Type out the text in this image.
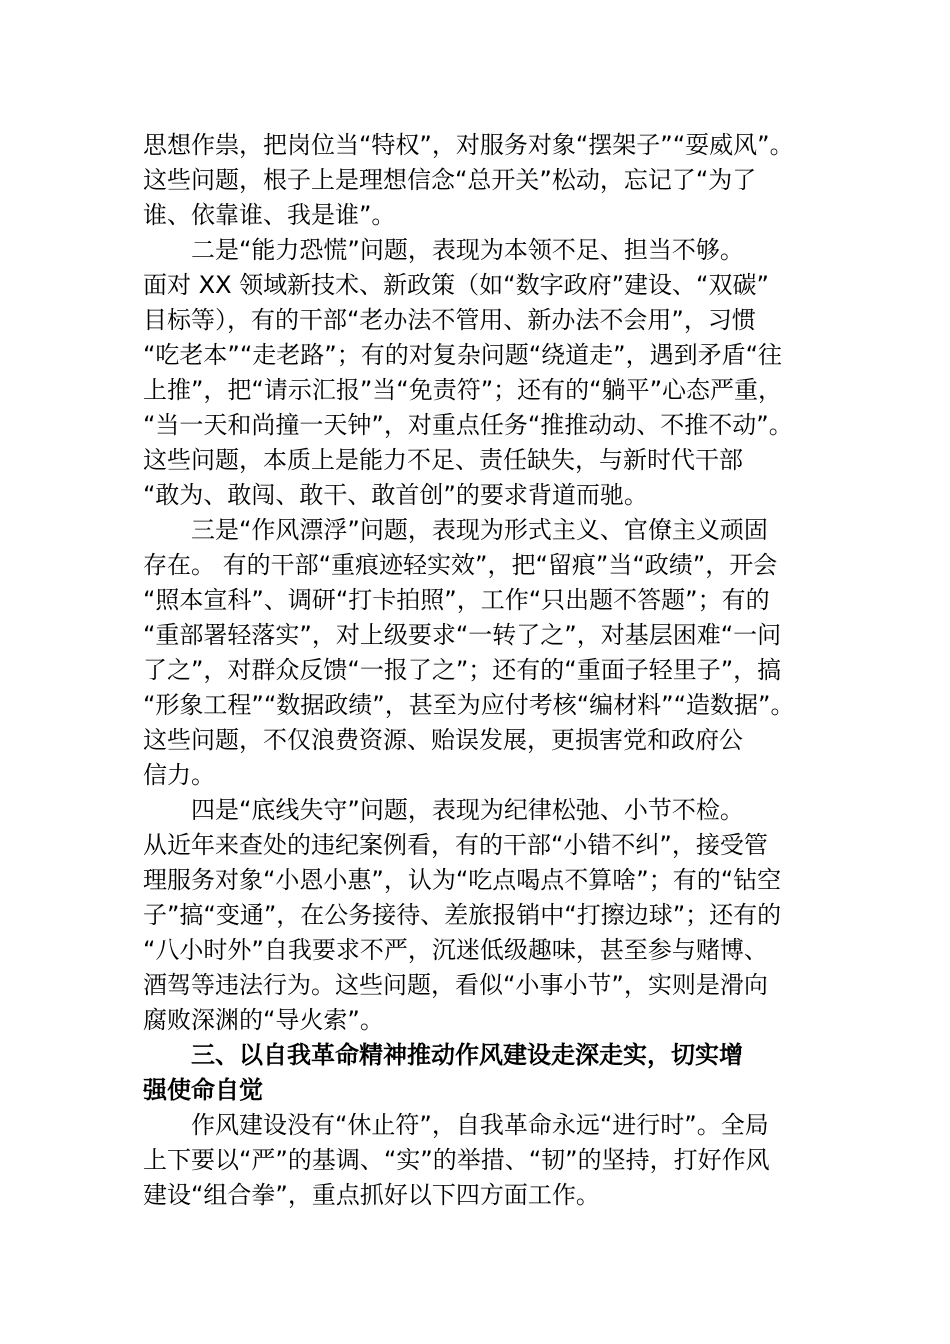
思想作祟，把岗位当“特权”，对服务对象“摆架子”“耍威风”。
这些问题，根子上是理想信念“总开关”松动，忘记了“为了
谁、依靠谁、我是谁”。
二是“能力恐慌”问题，表现为本领不足、担当不够。
面对 XX 领域新技术、新政策（如“数字政府”建设、“双碳”
目标等），有的干部“老办法不管用、新办法不会用”，习惯
“吃老本”“走老路”；有的对复杂问题“绕道走”，遇到矛盾“往
上推”，把“请示汇报”当“免责符”；还有的“躺平”心态严重，
“当一天和尚撞一天钟”，对重点任务“推推动动、不推不动”。
这些问题，本质上是能力不足、责任缺失，与新时代干部
“敢为、敢闯、敢干、敢首创”的要求背道而驰。
三是“作风漂浮”问题，表现为形式主义、官僚主义顽固
存在。 有的干部“重痕迹轻实效”，把“留痕”当“政绩”，开会
“照本宣科”、调研“打卡拍照”，工作“只出题不答题”；有的
“重部署轻落实”，对上级要求“一转了之”，对基层困难“一问
了之”，对群众反馈“一报了之”；还有的“重面子轻里子”，搞
“形象工程”“数据政绩”，甚至为应付考核“编材料”“造数据”。
这些问题，不仅浪费资源、贻误发展，更损害党和政府公
信力。
四是“底线失守”问题，表现为纪律松弛、小节不检。
从近年来查处的违纪案例看，有的干部“小错不纠”，接受管
理服务对象“小恩小惠”，认为“吃点喝点不算啥”；有的“钻空
子”搞“变通”，在公务接待、差旅报销中“打擦边球”；还有的
“八小时外”自我要求不严，沉迷低级趣味，甚至参与赌博、
酒驾等违法行为。这些问题，看似“小事小节”，实则是滑向
腐败深渊的“导火索”。
三、以自我革命精神推动作风建设走深走实，切实增
强使命自觉
作风建设没有“休止符”，自我革命永远“进行时”。全局
上下要以“严”的基调、“实”的举措、“韧”的坚持，打好作风
建设“组合拳”，重点抓好以下四方面工作。
